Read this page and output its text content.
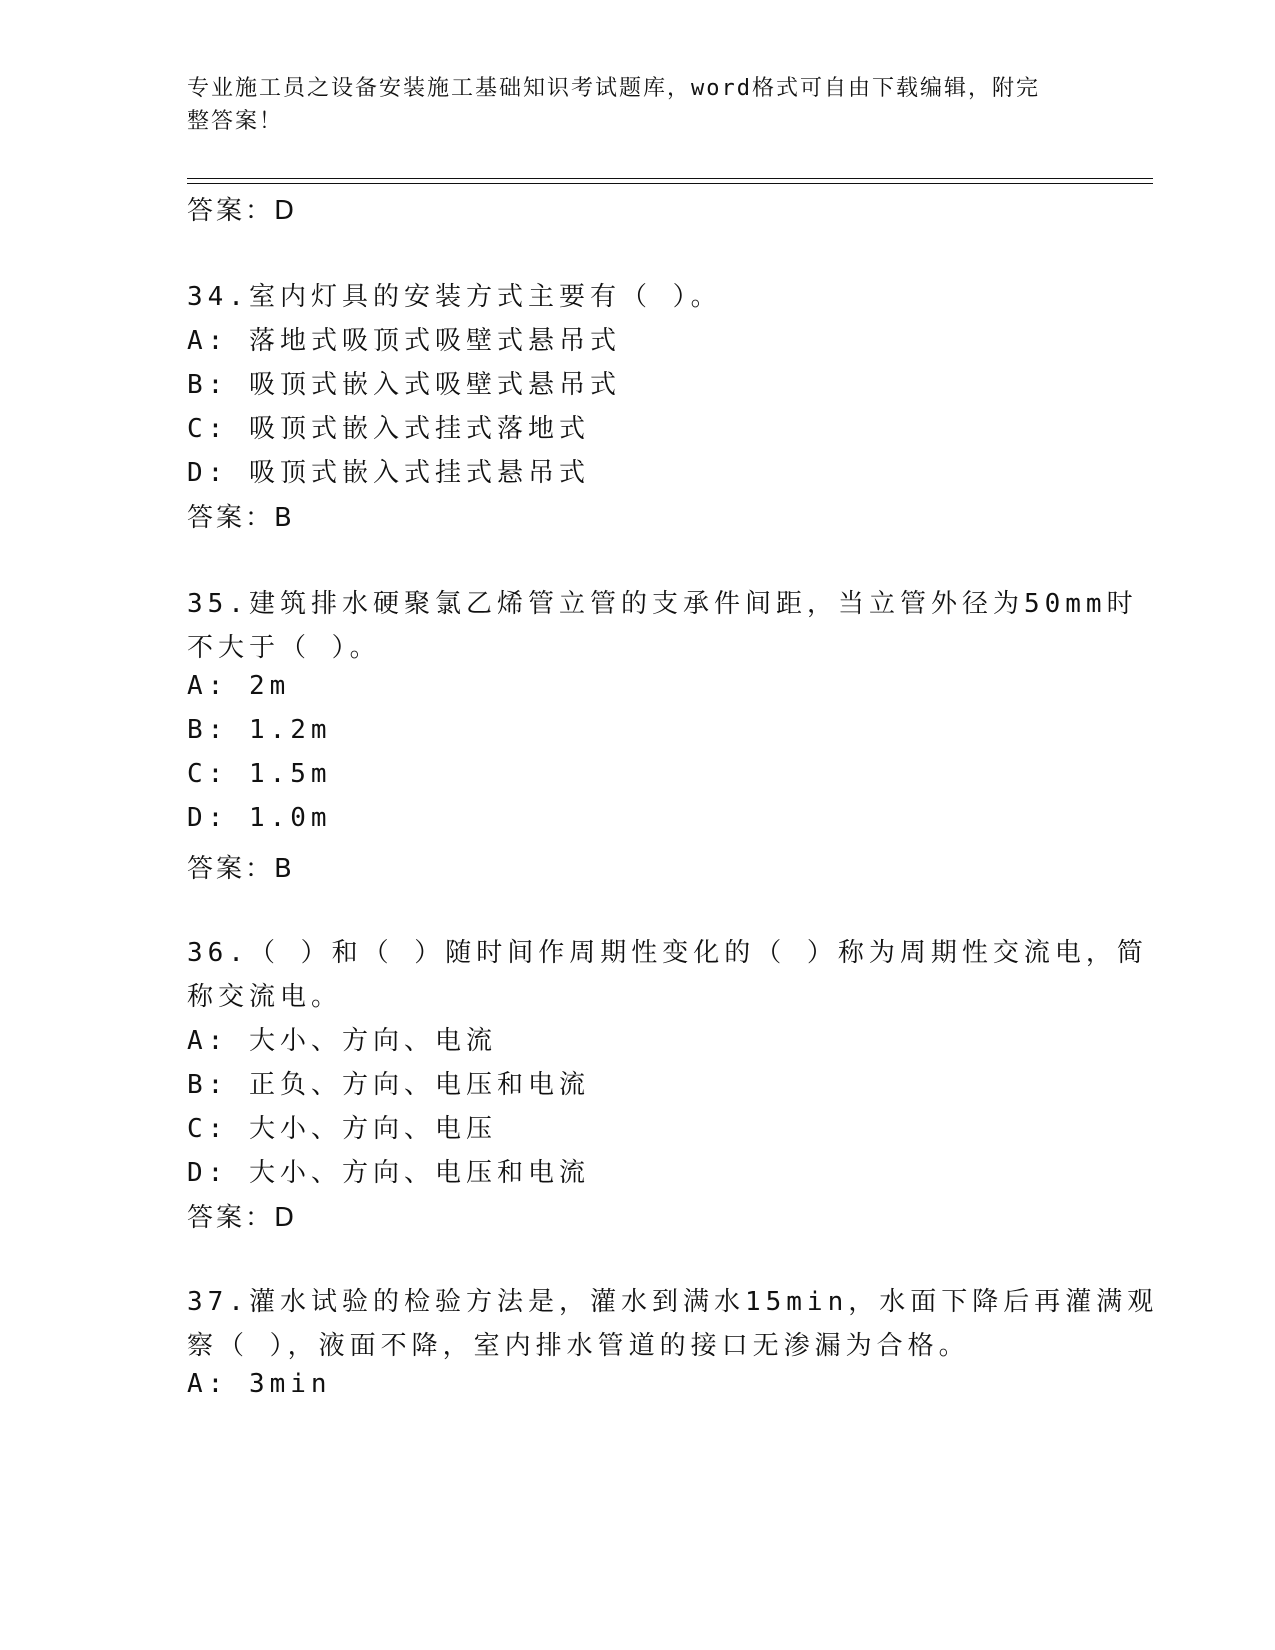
专业施工员之设备安装施工基础知识考试题库，word格式可自由下载编辑，附完
整答案！
答案：D
34.室内灯具的安装方式主要有（ ）。
A: 落地式吸顶式吸壁式悬吊式
B: 吸顶式嵌入式吸壁式悬吊式
C: 吸顶式嵌入式挂式落地式
D: 吸顶式嵌入式挂式悬吊式
答案：B
35.建筑排水硬聚氯乙烯管立管的支承件间距，当立管外径为50mm时
不大于（ ）。
A: 2m
B: 1.2m
C: 1.5m
D: 1.0m
答案：B
36.（ ）和（ ）随时间作周期性变化的（ ）称为周期性交流电，简
称交流电。
A: 大小、方向、电流
B: 正负、方向、电压和电流
C: 大小、方向、电压
D: 大小、方向、电压和电流
答案：D
37.灌水试验的检验方法是，灌水到满水15min，水面下降后再灌满观
察（ ），液面不降，室内排水管道的接口无渗漏为合格。
A: 3min
